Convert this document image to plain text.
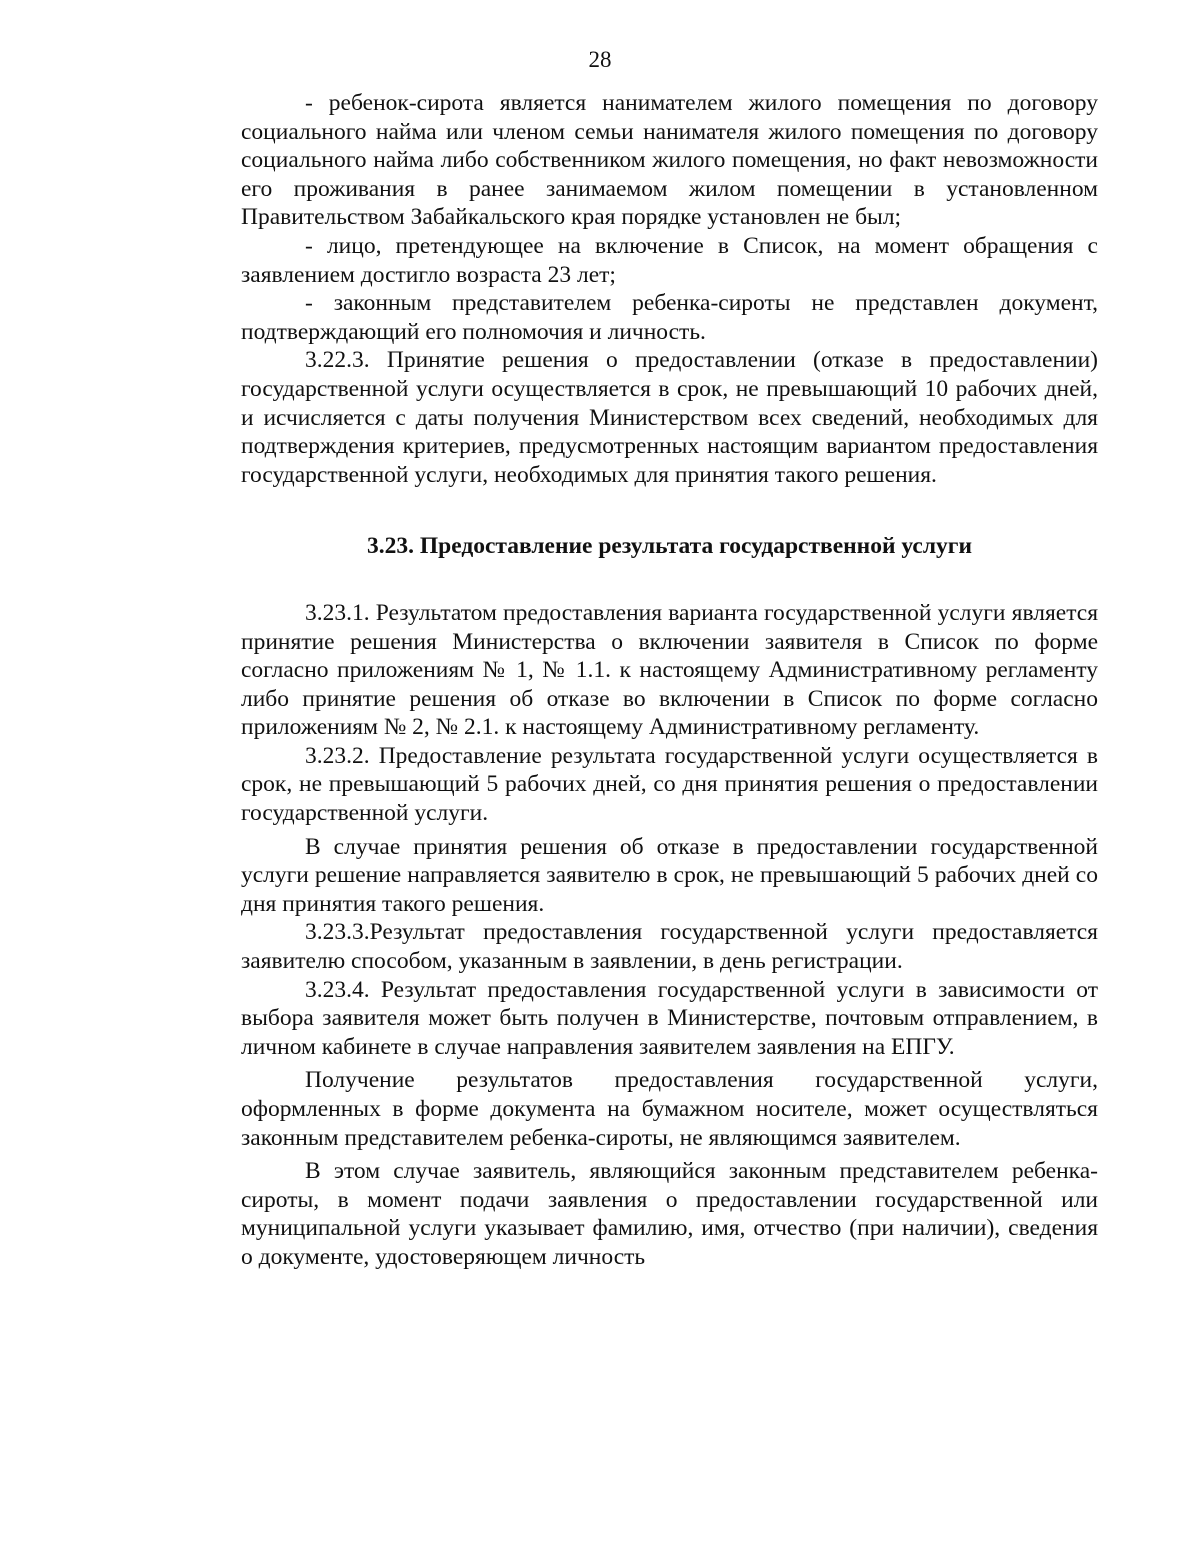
28

- ребенок-сирота является нанимателем жилого помещения по договору социального найма или членом семьи нанимателя жилого помещения по договору социального найма либо собственником жилого помещения, но факт невозможности его проживания в ранее занимаемом жилом помещении в установленном Правительством Забайкальского края порядке установлен не был;

- лицо, претендующее на включение в Список, на момент обращения с заявлением достигло возраста 23 лет;

- законным представителем ребенка-сироты не представлен документ, подтверждающий его полномочия и личность.

3.22.3. Принятие решения о предоставлении (отказе в предоставлении) государственной услуги осуществляется в срок, не превышающий 10 рабочих дней, и исчисляется с даты получения Министерством всех сведений, необходимых для подтверждения критериев, предусмотренных настоящим вариантом предоставления государственной услуги, необходимых для принятия такого решения.

3.23. Предоставление результата государственной услуги

3.23.1. Результатом предоставления варианта государственной услуги является принятие решения Министерства о включении заявителя в Список по форме согласно приложениям № 1, № 1.1. к настоящему Административному регламенту либо принятие решения об отказе во включении в Список по форме согласно приложениям № 2, № 2.1. к настоящему Административному регламенту.

3.23.2. Предоставление результата государственной услуги осуществляется в срок, не превышающий 5 рабочих дней, со дня принятия решения о предоставлении государственной услуги.

В случае принятия решения об отказе в предоставлении государственной услуги решение направляется заявителю в срок, не превышающий 5 рабочих дней со дня принятия такого решения.

3.23.3.Результат предоставления государственной услуги предоставляется заявителю способом, указанным в заявлении, в день регистрации.

3.23.4. Результат предоставления государственной услуги в зависимости от выбора заявителя может быть получен в Министерстве, почтовым отправлением, в личном кабинете в случае направления заявителем заявления на ЕПГУ.

Получение результатов предоставления государственной услуги, оформленных в форме документа на бумажном носителе, может осуществляться законным представителем ребенка-сироты, не являющимся заявителем.

В этом случае заявитель, являющийся законным представителем ребенка-сироты, в момент подачи заявления о предоставлении государственной или муниципальной услуги указывает фамилию, имя, отчество (при наличии), сведения о документе, удостоверяющем личность
